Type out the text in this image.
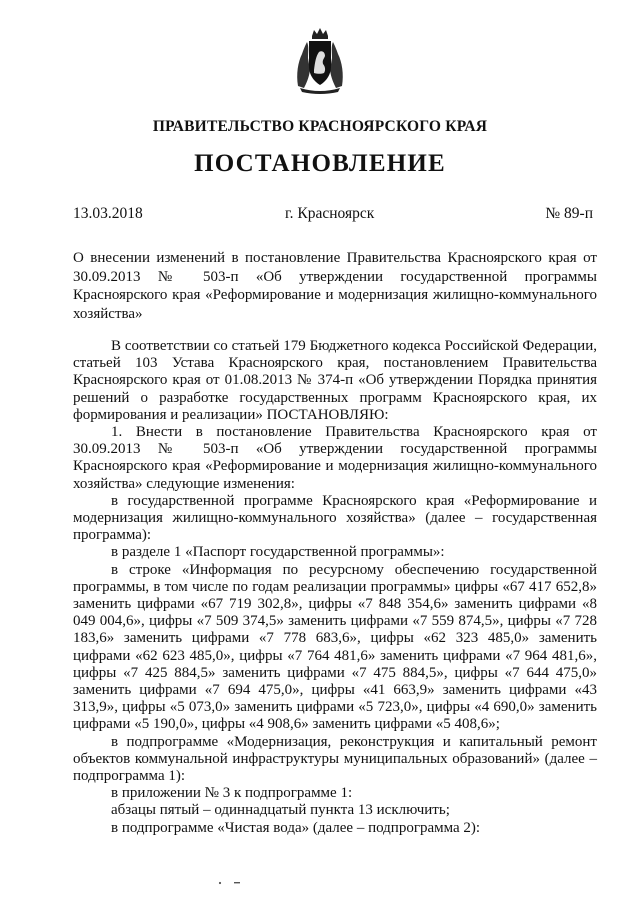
ПРАВИТЕЛЬСТВО КРАСНОЯРСКОГО КРАЯ
ПОСТАНОВЛЕНИЕ
13.03.2018	г. Красноярск	№ 89-п
О внесении изменений в постановление Правительства Красноярского края от 30.09.2013 № 503-п «Об утверждении государственной программы Красноярского края «Реформирование и модернизация жилищно-коммунального хозяйства»

В соответствии со статьей 179 Бюджетного кодекса Российской Федерации, статьей 103 Устава Красноярского края, постановлением Правительства Красноярского края от 01.08.2013 № 374-п «Об утверждении Порядка принятия решений о разработке государственных программ Красноярского края, их формирования и реализации» ПОСТАНОВЛЯЮ:

1. Внести в постановление Правительства Красноярского края от 30.09.2013 № 503-п «Об утверждении государственной программы Красноярского края «Реформирование и модернизация жилищно-коммунального хозяйства» следующие изменения:

в государственной программе Красноярского края «Реформирование и модернизация жилищно-коммунального хозяйства» (далее – государственная программа):

в разделе 1 «Паспорт государственной программы»:

в строке «Информация по ресурсному обеспечению государственной программы, в том числе по годам реализации программы» цифры «67 417 652,8» заменить цифрами «67 719 302,8», цифры «7 848 354,6» заменить цифрами «8 049 004,6», цифры «7 509 374,5» заменить цифрами «7 559 874,5», цифры «7 728 183,6» заменить цифрами «7 778 683,6», цифры «62 323 485,0» заменить цифрами «62 623 485,0», цифры «7 764 481,6» заменить цифрами «7 964 481,6», цифры «7 425 884,5» заменить цифрами «7 475 884,5», цифры «7 644 475,0» заменить цифрами «7 694 475,0», цифры «41 663,9» заменить цифрами «43 313,9», цифры «5 073,0» заменить цифрами «5 723,0», цифры «4 690,0» заменить цифрами «5 190,0», цифры «4 908,6» заменить цифрами «5 408,6»;

в подпрограмме «Модернизация, реконструкция и капитальный ремонт объектов коммунальной инфраструктуры муниципальных образований» (далее – подпрограмма 1):

в приложении № 3 к подпрограмме 1:

абзацы пятый – одиннадцатый пункта 13 исключить;

в подпрограмме «Чистая вода» (далее – подпрограмма 2):
